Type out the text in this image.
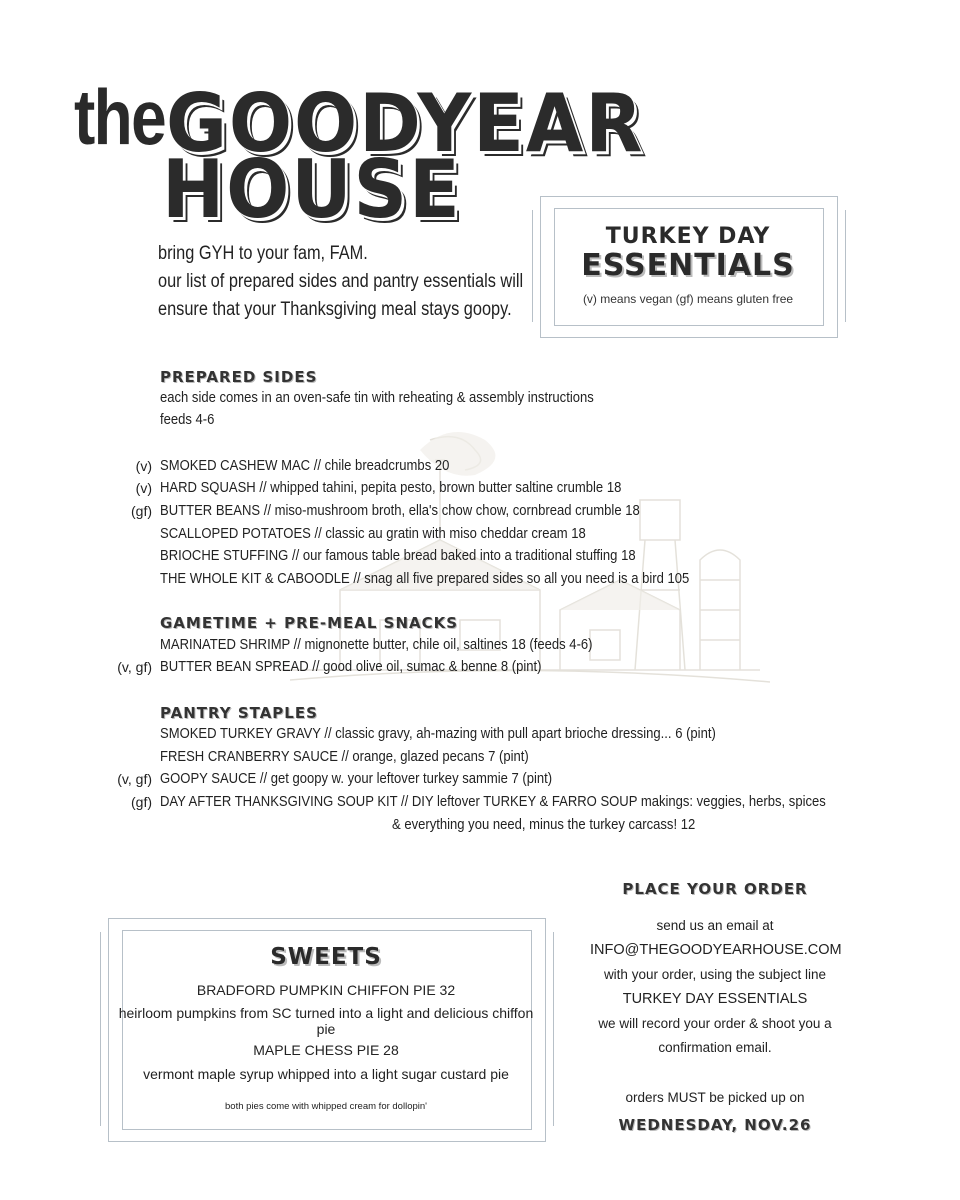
the GOODYEAR
HOUSE
bring GYH to your fam, FAM.
our list of prepared sides and pantry essentials will
ensure that your Thanksgiving meal stays goopy.
TURKEY DAY
ESSENTIALS
(v) means vegan (gf) means gluten free
PREPARED SIDES
each side comes in an oven-safe tin with reheating & assembly instructions
feeds 4-6
(v) SMOKED CASHEW MAC // chile breadcrumbs 20
(v) HARD SQUASH // whipped tahini, pepita pesto, brown butter saltine crumble 18
(gf) BUTTER BEANS // miso-mushroom broth, ella's chow chow, cornbread crumble 18
SCALLOPED POTATOES // classic au gratin with miso cheddar cream 18
BRIOCHE STUFFING // our famous table bread baked into a traditional stuffing 18
THE WHOLE KIT & CABOODLE // snag all five prepared sides so all you need is a bird 105
GAMETIME + PRE-MEAL SNACKS
MARINATED SHRIMP // mignonette butter, chile oil, saltines 18 (feeds 4-6)
(v, gf) BUTTER BEAN SPREAD // good olive oil, sumac & benne 8 (pint)
PANTRY STAPLES
SMOKED TURKEY GRAVY // classic gravy, ah-mazing with pull apart brioche dressing... 6 (pint)
FRESH CRANBERRY SAUCE // orange, glazed pecans 7 (pint)
(v, gf) GOOPY SAUCE // get goopy w. your leftover turkey sammie 7 (pint)
(gf) DAY AFTER THANKSGIVING SOUP KIT // DIY leftover TURKEY & FARRO SOUP makings: veggies, herbs, spices
& everything you need, minus the turkey carcass! 12
SWEETS
BRADFORD PUMPKIN CHIFFON PIE 32
heirloom pumpkins from SC turned into a light and delicious chiffon pie
MAPLE CHESS PIE 28
vermont maple syrup whipped into a light sugar custard pie
both pies come with whipped cream for dollopin'
PLACE YOUR ORDER
send us an email at
INFO@THEGOODYEARHOUSE.COM
with your order, using the subject line
TURKEY DAY ESSENTIALS
we will record your order & shoot you a
confirmation email.
orders MUST be picked up on
WEDNESDAY, NOV.26
